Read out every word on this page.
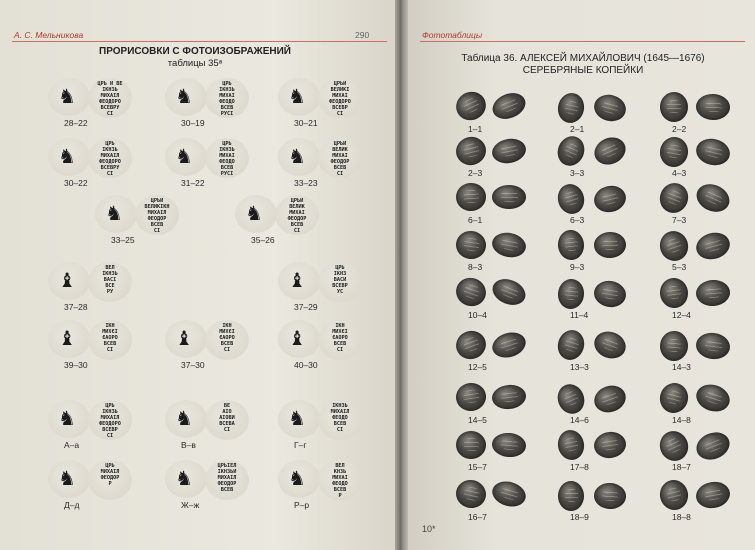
А. С. Мельникова	290
ПРОРИСОВКИ С ФОТОИЗОБРАЖЕНИЙ
таблицы 35ᵃ
♞	ЦРЬ И ВЕ
ІКНЗЬ
МИХАІЛ
ФЕОДОРО
ВСЕВРУ
СІ
28–22
♞	ЦРЬ
ІКНЗЬ
МИХАІ
ФЕОДО
ВСЕВ
РУСІ
30–19
♞	ЦРЬИ
ВЕЛИКІ
МИХАІ
ФЕОДОРО
ВСЕВР
СІ
30–21
♞	ЦРЬ
ІКНЗЬ
МИХАІЛ
ФЕОДОРО
ВСЕВРУ
СІ
30–22
♞	ЦРЬ
ІКНЗЬ
МИХАІ
ФЕОДО
ВСЕВ
РУСІ
31–22
♞	ЦРЬИ
ВЕЛИК
МИХАІ
ФЕОДОР
ВСЕВ
СІ
33–23
♞	ЦРЬИ
ВЕЛИКІКН
МИХАІЛ
ФЕОДОР
ВСЕВ
СІ
33–25
♞	ЦРЬИ
ВЕЛИК
МИХАІ
ФЕОДОР
ВСЕВ
СІ
35–26
♝	ВЕЛ
ІКНЗЬ
ВАСІ
ВСЕ
РУ
37–28
♝	ЦРЬ
ІКНЗ
ВАСИ
ВСЕВР
УС
37–29
♝	ІКН
МИХЄІ
ЄАОРО
ВСЕВ
СІ
39–30
♝	ІКН
МИХЄІ
ЄАОРО
ВСЕВ
СІ
37–30
♝	ІКН
МИХЄІ
ЄАОРО
ВСЕВ
СІ
40–30
♞	ЦРЬ
ІКНЗЬ
МИХАІЛ
ФЕОДОРО
ВСЕВР
СІ
А–а
♞	ВЕ
АІО
АІОВИ
ВСЕВА
СІ
В–в
♞	ІКНЗЬ
МИХАІЛ
ФЕОДО
ВСЕВ
СІ
Г–г
♞	ЦРЬ
МИХАІЛ
ФЕОДОР
Р
Д–д
♞	ЦРЬІЕЛ
ІКНЗЬИ
МИХАІЛ
ФЕОДОР
ВСЕВ
Ж–ж
♞	ВЕЛ
КНЗЬ
МИХАІ
ФЕОДО
ВСЕВ
Р
Р–р
Фототаблицы
Таблица 36. АЛЕКСЕЙ МИХАЙЛОВИЧ (1645—1676)
СЕРЕБРЯНЫЕ КОПЕЙКИ
1–1	2–1	2–2
2–3	3–3	4–3
6–1	6–3	7–3
8–3	9–3	5–3
10–4	11–4	12–4
12–5	13–3	14–3
14–5	14–6	14–8
15–7	17–8	18–7
16–7	18–9	18–8
10*
